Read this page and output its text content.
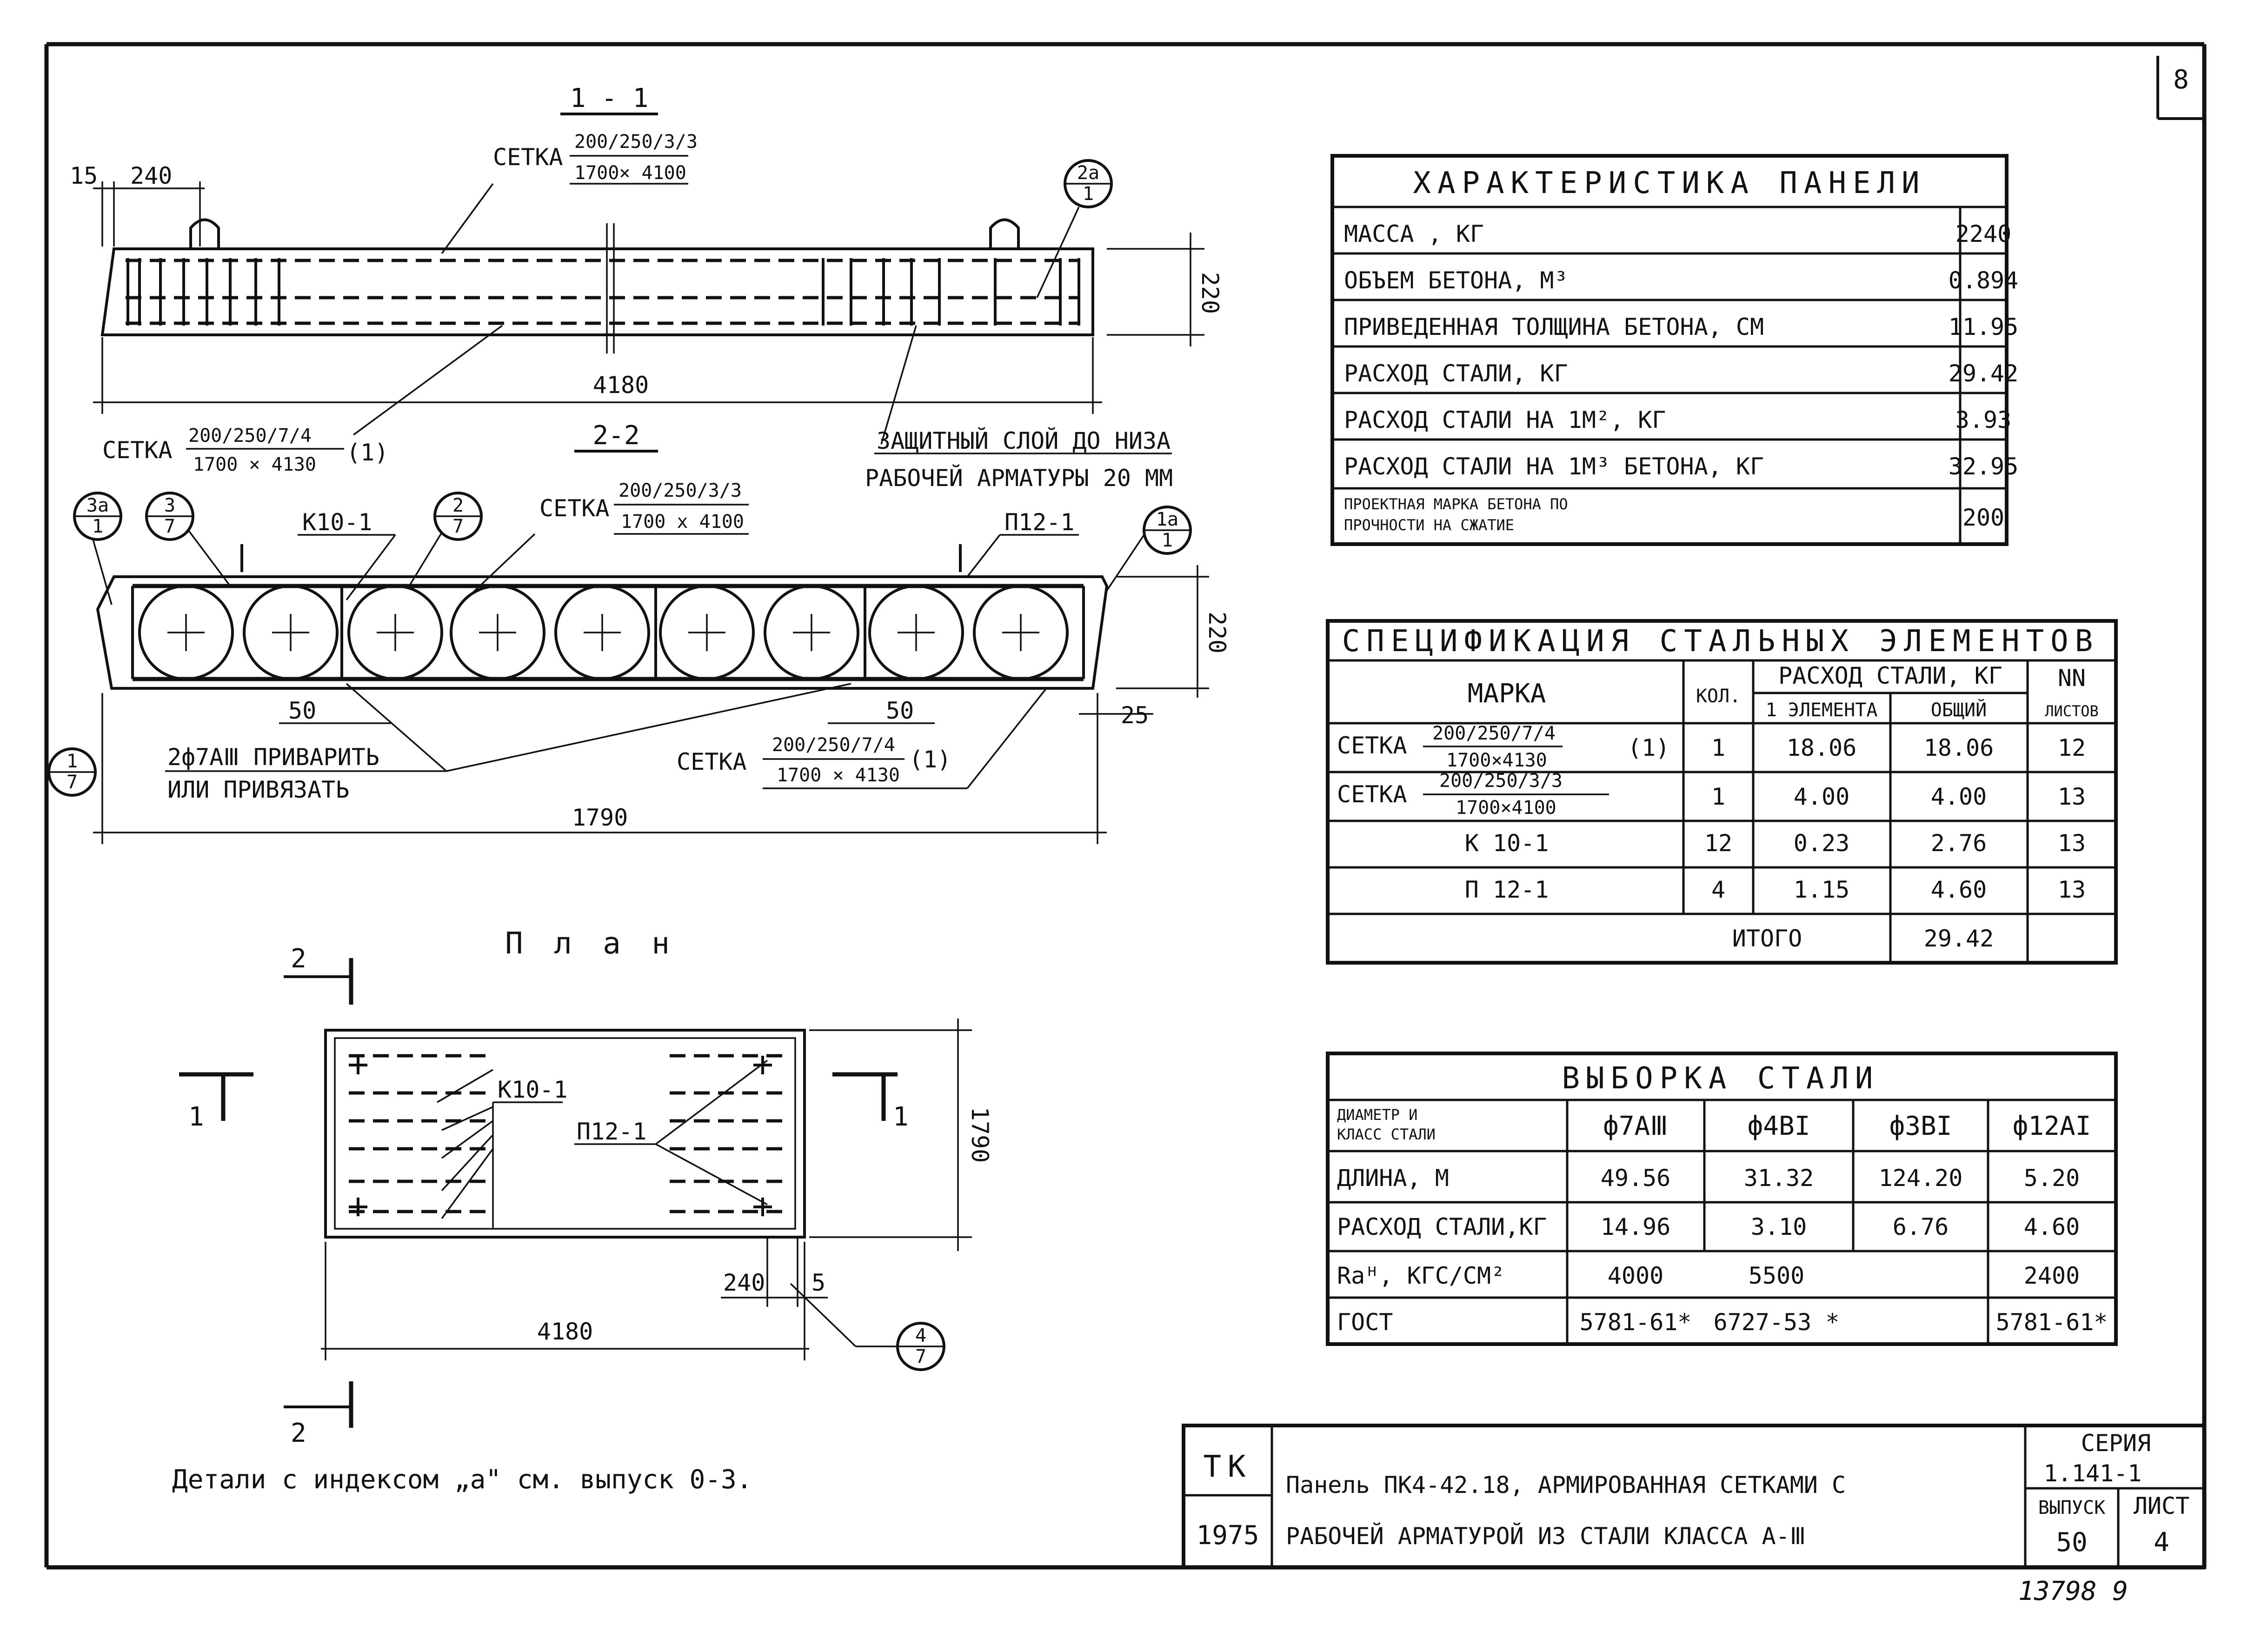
8
1 - 1
СЕТКА
200/250/3/3
1700× 4100
15 240	2a
1
220
4180
СЕТКА
200/250/7/4
1700 × 4130 (1)	ЗАЩИТНЫЙ СЛОЙ ДО НИЗА
РАБОЧЕЙ АРМАТУРЫ 20 ММ
2-2
СЕТКА
200/250/3/3
1700 x 4100
К10-1	П12-1
3a
1
3
7
2
7	1a
1
1
7
220
50	50	25
2ф7АⅢ ПРИВАРИТЬ
ИЛИ ПРИВЯЗАТЬ
СЕТКА
200/250/7/4
1700 × 4130
(1)
1790
П л а н
2
2
1	1
К10-1
П12-1	1790
240 5
4180	4
7
Детали с индексом „а" см. выпуск 0-3.
ХАРАКТЕРИСТИКА ПАНЕЛИ
МАССА , КГ	2240
ОБЪЕМ БЕТОНА, М³	0.894
ПРИВЕДЕННАЯ ТОЛЩИНА БЕТОНА, СМ	11.95
РАСХОД СТАЛИ, КГ	29.42
РАСХОД СТАЛИ НА 1М², КГ	3.93
РАСХОД СТАЛИ НА 1М³ БЕТОНА, КГ	32.95
ПРОЕКТНАЯ МАРКА БЕТОНА ПО
ПРОЧНОСТИ НА СЖАТИЕ	200
СПЕЦИФИКАЦИЯ СТАЛЬНЫХ ЭЛЕМЕНТОВ
МАРКА	КОЛ.
РАСХОД СТАЛИ, КГ
1 ЭЛЕМЕНТА	ОБЩИЙ
NN
ЛИСТОВ
СЕТКА 200/250/7/4
1700×4130	(1) 1	18.06	18.06	12
СЕТКА 200/250/3/3
1700×4100	1	4.00	4.00	13
К 10-1	12	0.23	2.76	13
П 12-1	4	1.15	4.60	13
ИТОГО	29.42
ВЫБОРКА СТАЛИ
ДИАМЕТР И
КЛАСС СТАЛИ	ф7АⅢ	ф4ВI	ф3ВI ф12АI
ДЛИНА, М	49.56	31.32	124.20	5.20
РАСХОД СТАЛИ,КГ 14.96	3.10	6.76	4.60
Raᴴ, КГС/СМ²	4000	5500	2400
ГОСТ	5781-61* 6727-53 *	5781-61*
ТК
1975
Панель ПК4-42.18, АРМИРОВАННАЯ СЕТКАМИ С
РАБОЧЕЙ АРМАТУРОЙ ИЗ СТАЛИ КЛАССА А-Ⅲ
СЕРИЯ
1.141-1
ВЫПУСК
50
ЛИСТ
4
13798 9
